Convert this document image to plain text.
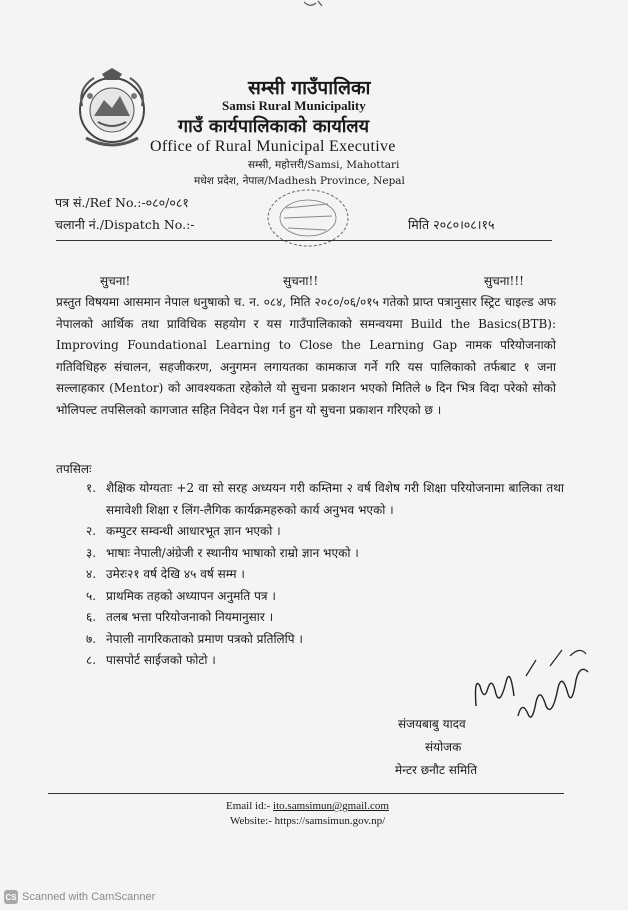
सम्सी गाउँपालिका
Samsi Rural Municipality
गाउँ कार्यपालिकाको कार्यालय
Office of Rural Municipal Executive
सम्सी, महोत्तरी/Samsi, Mahottari
मधेश प्रदेश, नेपाल/Madhesh Province, Nepal
पत्र सं./Ref No.:-०८०/०८१
चलानी नं./Dispatch No.:-	मिति २०८०।०८।१५
सुचना!	सुचना!!	सुचना!!!
प्रस्तुत विषयमा आसमान नेपाल धनुषाको च. न. ०८४, मिति २०८०/०६/०१५ गतेको प्राप्त पत्रानुसार स्ट्रिट चाइल्ड अफ नेपालको आर्थिक तथा प्राविधिक सहयोग र यस गाउँपालिकाको समन्वयमा Build the Basics(BTB): Improving Foundational Learning to Close the Learning Gap नामक परियोजनाको गतिविधिहरु संचालन, सहजीकरण, अनुगमन लगायतका कामकाज गर्ने गरि यस पालिकाको तर्फबाट १ जना सल्लाहकार (Mentor) को आवश्यकता रहेकोले यो सुचना प्रकाशन भएको मितिले ७ दिन भित्र विदा परेको सोको भोलिपल्ट तपसिलको कागजात सहित निवेदन पेश गर्न हुन यो सुचना प्रकाशन गरिएको छ ।
तपसिलः
१. शैक्षिक योग्यताः +2 वा सो सरह अध्ययन गरी कम्तिमा २ वर्ष विशेष गरी शिक्षा परियोजनामा बालिका तथा समावेशी शिक्षा र लिंग-लैगिक कार्यक्रमहरुको कार्य अनुभव भएको ।
२. कम्पुटर सम्वन्धी आधारभूत ज्ञान भएको ।
३. भाषाः नेपाली/अंग्रेजी र स्थानीय भाषाको राम्रो ज्ञान भएको ।
४. उमेरः२१ वर्ष देखि ४५ वर्ष सम्म ।
५. प्राथमिक तहको अध्यापन अनुमति पत्र ।
६. तलब भत्ता परियोजनाको नियमानुसार ।
७. नेपाली नागरिकताको प्रमाण पत्रको प्रतिलिपि ।
८. पासपोर्ट साईजको फोटो ।
संजयबाबु यादव
संयोजक
मेन्टर छनौट समिति
Email id:- ito.samsimun@gmail.com
Website:- https://samsimun.gov.np/
CS Scanned with CamScanner
